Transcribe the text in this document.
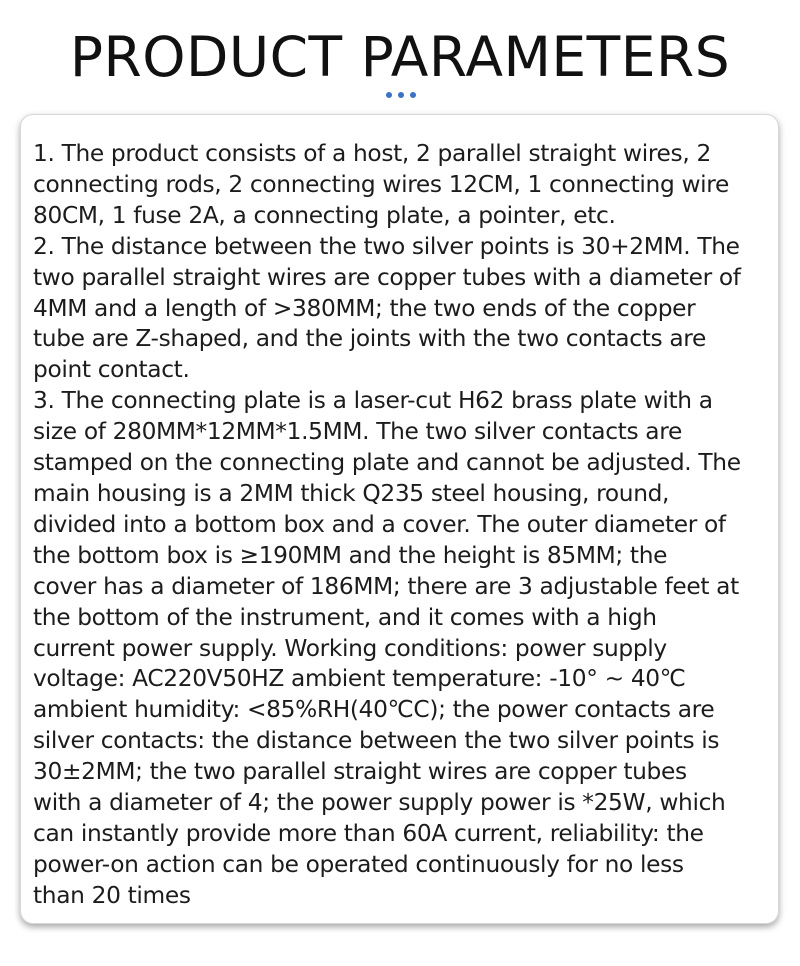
PRODUCT PARAMETERS

1. The product consists of a host, 2 parallel straight wires, 2
connecting rods, 2 connecting wires 12CM, 1 connecting wire
80CM, 1 fuse 2A, a connecting plate, a pointer, etc.
2. The distance between the two silver points is 30+2MM. The
two parallel straight wires are copper tubes with a diameter of
4MM and a length of >380MM; the two ends of the copper
tube are Z-shaped, and the joints with the two contacts are
point contact.
3. The connecting plate is a laser-cut H62 brass plate with a
size of 280MM*12MM*1.5MM. The two silver contacts are
stamped on the connecting plate and cannot be adjusted. The
main housing is a 2MM thick Q235 steel housing, round,
divided into a bottom box and a cover. The outer diameter of
the bottom box is ≥190MM and the height is 85MM; the
cover has a diameter of 186MM; there are 3 adjustable feet at
the bottom of the instrument, and it comes with a high
current power supply. Working conditions: power supply
voltage: AC220V50HZ ambient temperature: -10° ~ 40℃
ambient humidity: <85%RH(40℃C); the power contacts are
silver contacts: the distance between the two silver points is
30±2MM; the two parallel straight wires are copper tubes
with a diameter of 4; the power supply power is *25W, which
can instantly provide more than 60A current, reliability: the
power-on action can be operated continuously for no less
than 20 times
